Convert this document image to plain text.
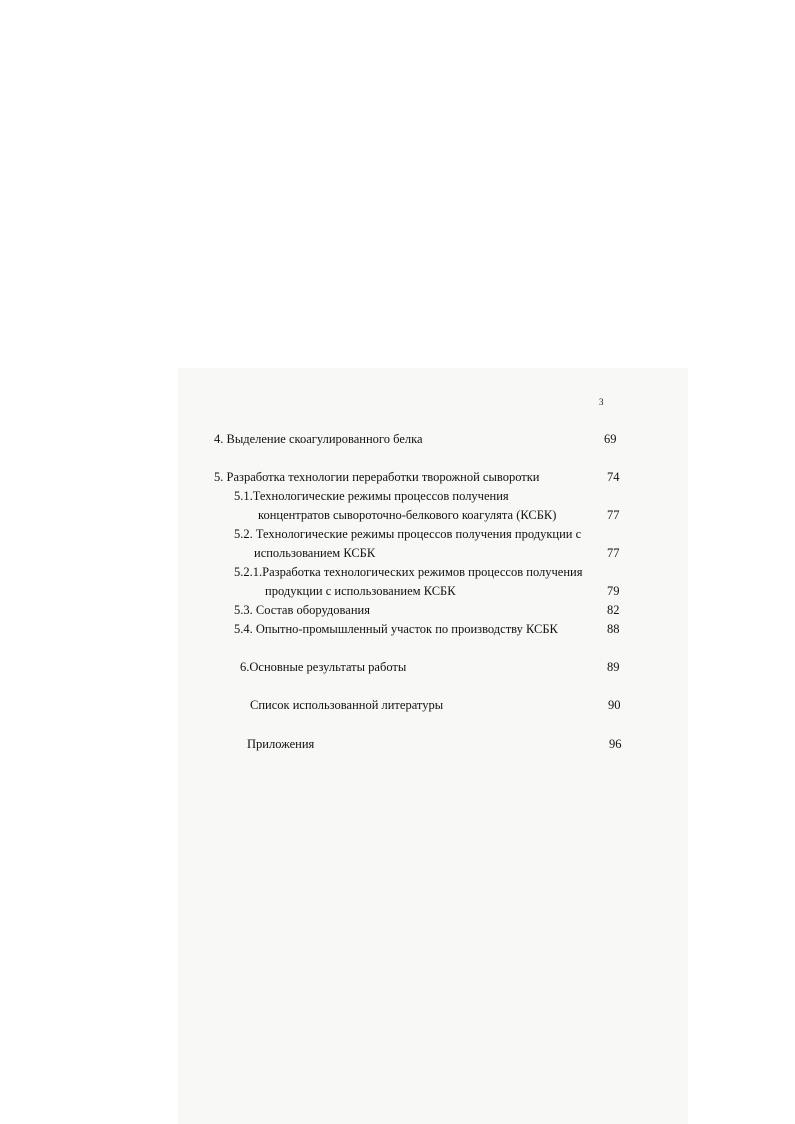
3
4. Выделение скоагулированного белка	69
5. Разработка технологии переработки творожной сыворотки	74
5.1.Технологические режимы процессов получения
концентратов сывороточно-белкового коагулята (КСБК)	77
5.2. Технологические режимы процессов получения продукции с
использованием КСБК	77
5.2.1.Разработка технологических режимов процессов получения
продукции с использованием КСБК	79
5.3. Состав оборудования	82
5.4. Опытно-промышленный участок по производству КСБК	88
6.Основные результаты работы	89
Список использованной литературы	90
Приложения	96
